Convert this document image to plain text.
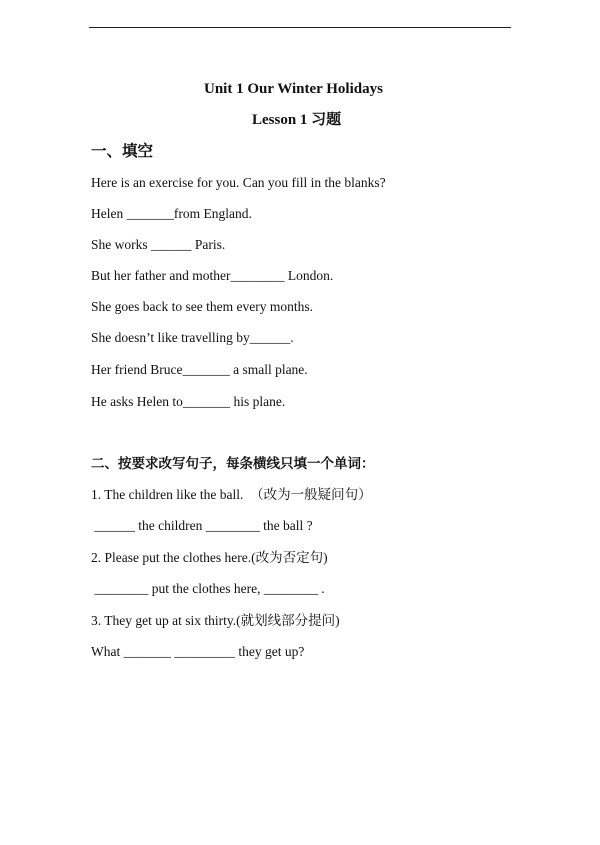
Unit 1 Our Winter Holidays
Lesson 1 习题
一、填空
Here is an exercise for you. Can you fill in the blanks?
Helen _______from England.
She works ______ Paris.
But her father and mother________ London.
She goes back to see them every months.
She doesn’t like travelling by______.
Her friend Bruce_______ a small plane.
He asks Helen to_______ his plane.
二、按要求改写句子，每条横线只填一个单词：
1. The children like the ball.  （改为一般疑问句）
______ the children ________ the ball ?
2. Please put the clothes here.(改为否定句)
________ put the clothes here, ________ .
3. They get up at six thirty.(就划线部分提问)
What _______ _________ they get up?
